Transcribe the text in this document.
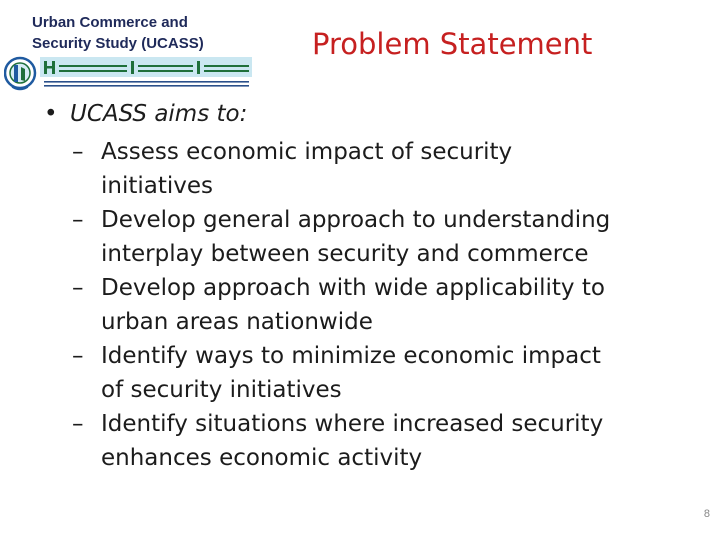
Urban Commerce and
Security Study (UCASS)	Problem Statement
• UCASS aims to:
– Assess economic impact of security
initiatives
– Develop general approach to understanding
interplay between security and commerce
– Develop approach with wide applicability to
urban areas nationwide
– Identify ways to minimize economic impact
of security initiatives
– Identify situations where increased security
enhances economic activity
8
